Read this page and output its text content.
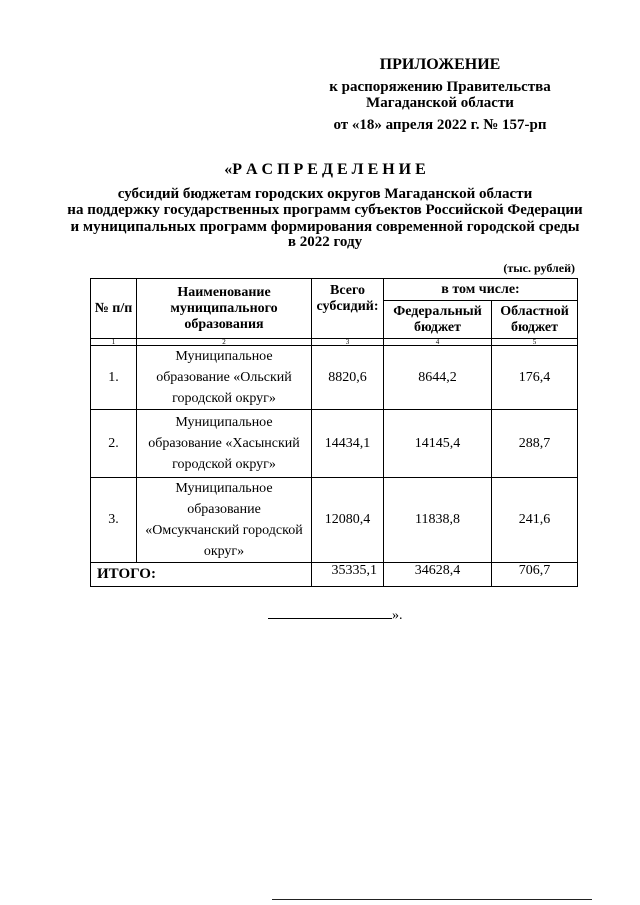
ПРИЛОЖЕНИЕ
к распоряжению Правительства
Магаданской области
от «18» апреля 2022 г. № 157-рп
«Р А С П Р Е Д Е Л Е Н И Е
субсидий бюджетам городских округов Магаданской области
на поддержку государственных программ субъектов Российской Федерации
и муниципальных программ формирования современной городской среды
в 2022 году
(тыс. рублей)
№ п/п	Наименование муниципального образования	Всего субсидий:	в том числе:	
			Федеральный бюджет	Областной бюджет
1	2	3	4	5
1.	Муниципальное
образование «Ольский
городской округ»	8820,6	8644,2	176,4
2.	Муниципальное
образование «Хасынский
городской округ»	14434,1	14145,4	288,7
3.	Муниципальное
образование
«Омсукчанский городской
округ»	12080,4	11838,8	241,6
ИТОГО:		35335,1	34628,4	706,7
».
